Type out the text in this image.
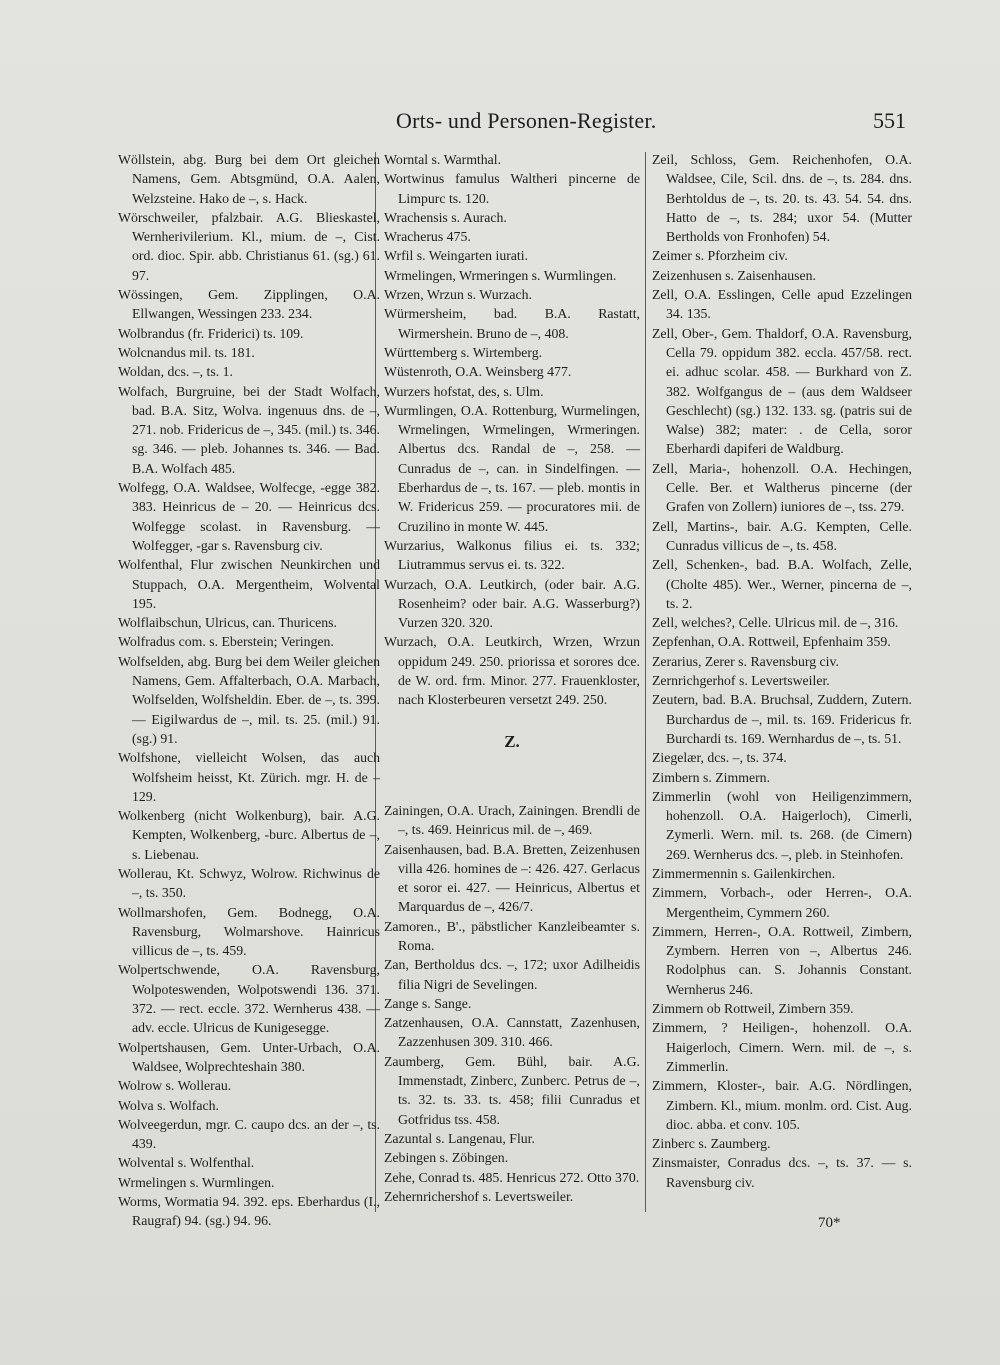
Orts- und Personen-Register.	551

Wöllstein, abg. Burg bei dem Ort gleichen Namens, Gem. Abtsgmünd, O.A. Aalen, Welzsteine. Hako de –, s. Hack.

Wörschweiler, pfalzbair. A.G. Blieskastel, Wernherivilerium. Kl., mium. de –, Cist. ord. dioc. Spir. abb. Christianus 61. (sg.) 61. 97.

Wössingen, Gem. Zipplingen, O.A. Ellwangen, Wessingen 233. 234.

Wolbrandus (fr. Friderici) ts. 109.

Wolcnandus mil. ts. 181.

Woldan, dcs. –, ts. 1.

Wolfach, Burgruine, bei der Stadt Wolfach, bad. B.A. Sitz, Wolva. ingenuus dns. de –, 271. nob. Fridericus de –, 345. (mil.) ts. 346. sg. 346. — pleb. Johannes ts. 346. — Bad. B.A. Wolfach 485.

Wolfegg, O.A. Waldsee, Wolfecge, -egge 382. 383. Heinricus de – 20. — Heinricus dcs. Wolfegge scolast. in Ravensburg. — Wolfegger, -gar s. Ravensburg civ.

Wolfenthal, Flur zwischen Neunkirchen und Stuppach, O.A. Mergentheim, Wolvental 195.

Wolflaibschun, Ulricus, can. Thuricens.

Wolfradus com. s. Eberstein; Veringen.

Wolfselden, abg. Burg bei dem Weiler gleichen Namens, Gem. Affalterbach, O.A. Marbach, Wolfselden, Wolfsheldin. Eber. de –, ts. 399. — Eigilwardus de –, mil. ts. 25. (mil.) 91. (sg.) 91.

Wolfshone, vielleicht Wolsen, das auch Wolfsheim heisst, Kt. Zürich. mgr. H. de – 129.

Wolkenberg (nicht Wolkenburg), bair. A.G. Kempten, Wolkenberg, -burc. Albertus de –, s. Liebenau.

Wollerau, Kt. Schwyz, Wolrow. Richwinus de –, ts. 350.

Wollmarshofen, Gem. Bodnegg, O.A. Ravensburg, Wolmarshove. Hainricus villicus de –, ts. 459.

Wolpertschwende, O.A. Ravensburg, Wolpoteswenden, Wolpotswendi 136. 371. 372. — rect. eccle. 372. Wernherus 438. — adv. eccle. Ulricus de Kunigesegge.

Wolpertshausen, Gem. Unter-Urbach, O.A. Waldsee, Wolprechteshain 380.

Wolrow s. Wollerau.

Wolva s. Wolfach.

Wolveegerdun, mgr. C. caupo dcs. an der –, ts. 439.

Wolvental s. Wolfenthal.

Wrmelingen s. Wurmlingen.

Worms, Wormatia 94. 392. eps. Eberhardus (I., Raugraf) 94. (sg.) 94. 96.

Worntal s. Warmthal.

Wortwinus famulus Waltheri pincerne de Limpurc ts. 120.

Wrachensis s. Aurach.

Wracherus 475.

Wrfil s. Weingarten iurati.

Wrmelingen, Wrmeringen s. Wurmlingen.

Wrzen, Wrzun s. Wurzach.

Würmersheim, bad. B.A. Rastatt, Wirmershein. Bruno de –, 408.

Württemberg s. Wirtemberg.

Wüstenroth, O.A. Weinsberg 477.

Wurzers hofstat, des, s. Ulm.

Wurmlingen, O.A. Rottenburg, Wurmelingen, Wrmelingen, Wrmelingen, Wrmeringen. Albertus dcs. Randal de –, 258. — Cunradus de –, can. in Sindelfingen. — Eberhardus de –, ts. 167. — pleb. montis in W. Fridericus 259. — procuratores mii. de Cruzilino in monte W. 445.

Wurzarius, Walkonus filius ei. ts. 332; Liutrammus servus ei. ts. 322.

Wurzach, O.A. Leutkirch, (oder bair. A.G. Rosenheim? oder bair. A.G. Wasserburg?) Vurzen 320. 320.

Wurzach, O.A. Leutkirch, Wrzen, Wrzun oppidum 249. 250. priorissa et sorores dce. de W. ord. frm. Minor. 277. Frauenkloster, nach Klosterbeuren versetzt 249. 250.

Z.

Zainingen, O.A. Urach, Zainingen. Brendli de –, ts. 469. Heinricus mil. de –, 469.

Zaisenhausen, bad. B.A. Bretten, Zeizenhusen villa 426. homines de –: 426. 427. Gerlacus et soror ei. 427. — Heinricus, Albertus et Marquardus de –, 426/7.

Zamoren., B'., päbstlicher Kanzleibeamter s. Roma.

Zan, Bertholdus dcs. –, 172; uxor Adilheidis filia Nigri de Sevelingen.

Zange s. Sange.

Zatzenhausen, O.A. Cannstatt, Zazenhusen, Zazzenhusen 309. 310. 466.

Zaumberg, Gem. Bühl, bair. A.G. Immenstadt, Zinberc, Zunberc. Petrus de –, ts. 32. ts. 33. ts. 458; filii Cunradus et Gotfridus tss. 458.

Zazuntal s. Langenau, Flur.

Zebingen s. Zöbingen.

Zehe, Conrad ts. 485. Henricus 272. Otto 370.

Zehernrichershof s. Levertsweiler.

Zeil, Schloss, Gem. Reichenhofen, O.A. Waldsee, Cile, Scil. dns. de –, ts. 284. dns. Berhtoldus de –, ts. 20. ts. 43. 54. 54. dns. Hatto de –, ts. 284; uxor 54. (Mutter Bertholds von Fronhofen) 54.

Zeimer s. Pforzheim civ.

Zeizenhusen s. Zaisenhausen.

Zell, O.A. Esslingen, Celle apud Ezzelingen 34. 135.

Zell, Ober-, Gem. Thaldorf, O.A. Ravensburg, Cella 79. oppidum 382. eccla. 457/58. rect. ei. adhuc scolar. 458. — Burkhard von Z. 382. Wolfgangus de – (aus dem Waldseer Geschlecht) (sg.) 132. 133. sg. (patris sui de Walse) 382; mater: . de Cella, soror Eberhardi dapiferi de Waldburg.

Zell, Maria-, hohenzoll. O.A. Hechingen, Celle. Ber. et Waltherus pincerne (der Grafen von Zollern) iuniores de –, tss. 279.

Zell, Martins-, bair. A.G. Kempten, Celle. Cunradus villicus de –, ts. 458.

Zell, Schenken-, bad. B.A. Wolfach, Zelle, (Cholte 485). Wer., Werner, pincerna de –, ts. 2.

Zell, welches?, Celle. Ulricus mil. de –, 316.

Zepfenhan, O.A. Rottweil, Epfenhaim 359.

Zerarius, Zerer s. Ravensburg civ.

Zernrichgerhof s. Levertsweiler.

Zeutern, bad. B.A. Bruchsal, Zuddern, Zutern. Burchardus de –, mil. ts. 169. Fridericus fr. Burchardi ts. 169. Wernhardus de –, ts. 51.

Ziegelær, dcs. –, ts. 374.

Zimbern s. Zimmern.

Zimmerlin (wohl von Heiligenzimmern, hohenzoll. O.A. Haigerloch), Cimerli, Zymerli. Wern. mil. ts. 268. (de Cimern) 269. Wernherus dcs. –, pleb. in Steinhofen.

Zimmermennin s. Gailenkirchen.

Zimmern, Vorbach-, oder Herren-, O.A. Mergentheim, Cymmern 260.

Zimmern, Herren-, O.A. Rottweil, Zimbern, Zymbern. Herren von –, Albertus 246. Rodolphus can. S. Johannis Constant. Wernherus 246.

Zimmern ob Rottweil, Zimbern 359.

Zimmern, ? Heiligen-, hohenzoll. O.A. Haigerloch, Cimern. Wern. mil. de –, s. Zimmerlin.

Zimmern, Kloster-, bair. A.G. Nördlingen, Zimbern. Kl., mium. monlm. ord. Cist. Aug. dioc. abba. et conv. 105.

Zinberc s. Zaumberg.

Zinsmaister, Conradus dcs. –, ts. 37. — s. Ravensburg civ.

70*
